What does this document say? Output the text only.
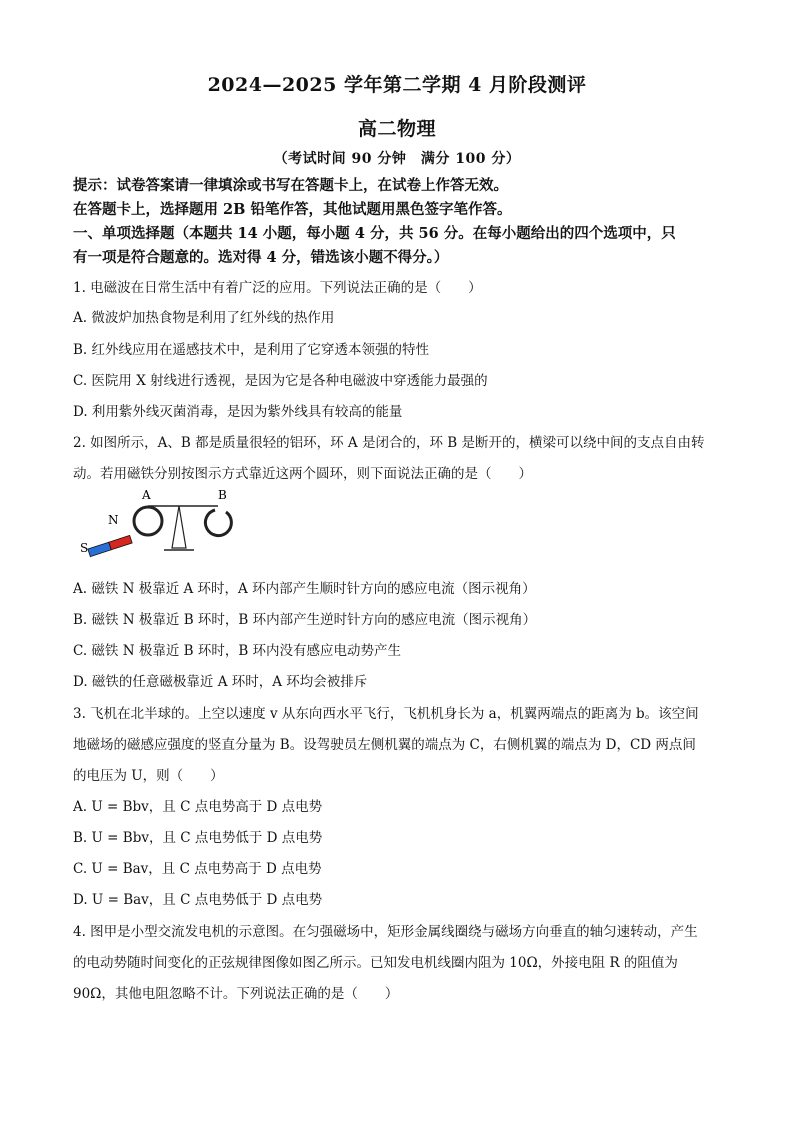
2024—2025 学年第二学期 4 月阶段测评
高二物理
（考试时间 90 分钟　满分 100 分）
提示：试卷答案请一律填涂或书写在答题卡上，在试卷上作答无效。
在答题卡上，选择题用 2B 铅笔作答，其他试题用黑色签字笔作答。
一、单项选择题（本题共 14 小题，每小题 4 分，共 56 分。在每小题给出的四个选项中，只
有一项是符合题意的。选对得 4 分，错选该小题不得分。）
1. 电磁波在日常生活中有着广泛的应用。下列说法正确的是（　　）
A. 微波炉加热食物是利用了红外线的热作用
B. 红外线应用在遥感技术中，是利用了它穿透本领强的特性
C. 医院用 X 射线进行透视，是因为它是各种电磁波中穿透能力最强的
D. 利用紫外线灭菌消毒，是因为紫外线具有较高的能量
2. 如图所示，A、B 都是质量很轻的铝环，环 A 是闭合的，环 B 是断开的，横梁可以绕中间的支点自由转
动。若用磁铁分别按图示方式靠近这两个圆环，则下面说法正确的是（　　）
A	B
N
S
A. 磁铁 N 极靠近 A 环时，A 环内部产生顺时针方向的感应电流（图示视角）
B. 磁铁 N 极靠近 B 环时，B 环内部产生逆时针方向的感应电流（图示视角）
C. 磁铁 N 极靠近 B 环时，B 环内没有感应电动势产生
D. 磁铁的任意磁极靠近 A 环时，A 环均会被排斥
3. 飞机在北半球的。上空以速度 v 从东向西水平飞行，飞机机身长为 a，机翼两端点的距离为 b。该空间
地磁场的磁感应强度的竖直分量为 B。设驾驶员左侧机翼的端点为 C，右侧机翼的端点为 D，CD 两点间
的电压为 U，则（　　）
A. U = Bbv，且 C 点电势高于 D 点电势
B. U = Bbv，且 C 点电势低于 D 点电势
C. U = Bav，且 C 点电势高于 D 点电势
D. U = Bav，且 C 点电势低于 D 点电势
4. 图甲是小型交流发电机的示意图。在匀强磁场中，矩形金属线圈绕与磁场方向垂直的轴匀速转动，产生
的电动势随时间变化的正弦规律图像如图乙所示。已知发电机线圈内阻为 10Ω，外接电阻 R 的阻值为
90Ω，其他电阻忽略不计。下列说法正确的是（　　）
